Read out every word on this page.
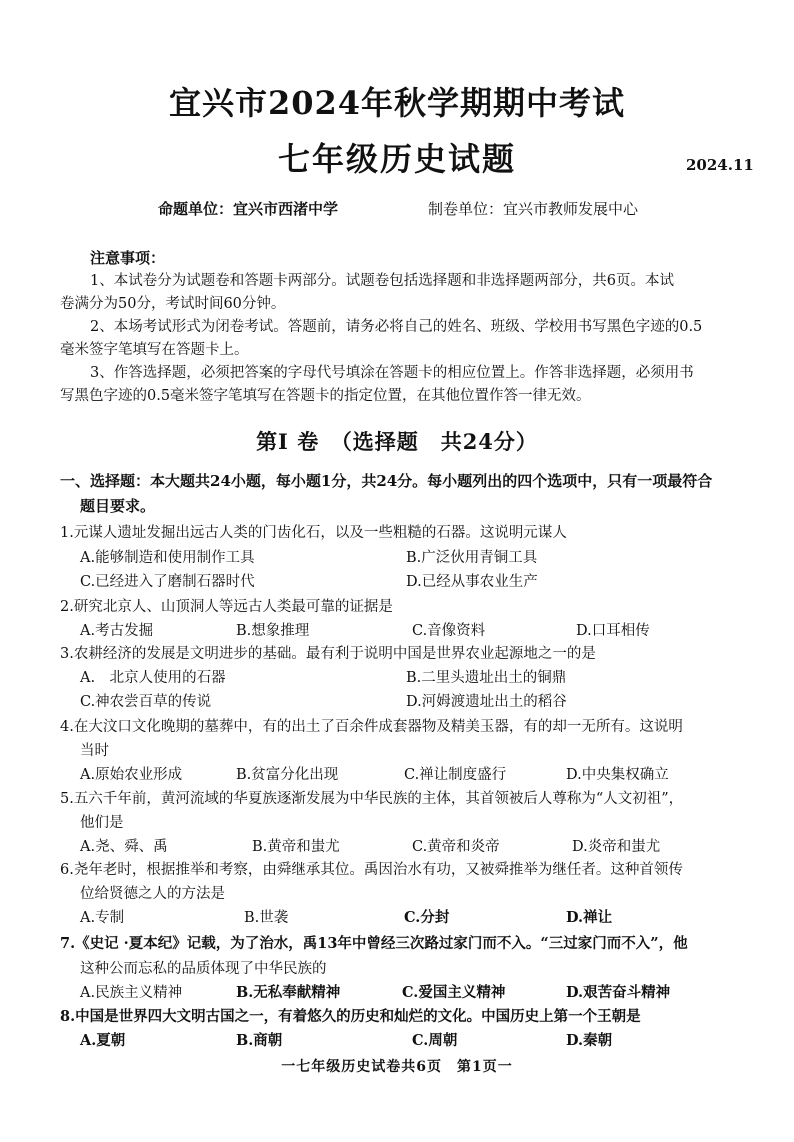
宜兴市2024年秋学期期中考试
七年级历史试题	2024.11
命题单位：宜兴市西渚中学	制卷单位：宜兴市教师发展中心
注意事项：
1、本试卷分为试题卷和答题卡两部分。试题卷包括选择题和非选择题两部分，共6页。本试
卷满分为50分，考试时间60分钟。
2、本场考试形式为闭卷考试。答题前，请务必将自己的姓名、班级、学校用书写黑色字迹的0.5
毫米签字笔填写在答题卡上。
3、作答选择题，必须把答案的字母代号填涂在答题卡的相应位置上。作答非选择题，必须用书
写黑色字迹的0.5毫米签字笔填写在答题卡的指定位置，在其他位置作答一律无效。
第I 卷　（选择题　共24分）
一、选择题：本大题共24小题，每小题1分，共24分。每小题列出的四个选项中，只有一项最符合
题目要求。
1.元谋人遗址发掘出远古人类的门齿化石，以及一些粗糙的石器。这说明元谋人
A.能够制造和使用制作工具	B.广泛伙用青铜工具
C.已经进入了磨制石器时代	D.已经从事农业生产
2.研究北京人、山顶洞人等远古人类最可靠的证据是
A.考古发掘	B.想象推理	C.音像资料	D.口耳相传
3.农耕经济的发展是文明进步的基础。最有利于说明中国是世界农业起源地之一的是
A.　北京人使用的石器	B.二里头遗址出土的铜鼎
C.神农尝百草的传说	D.河姆渡遗址出土的稻谷
4.在大汶口文化晚期的墓葬中，有的出土了百余件成套器物及精美玉器，有的却一无所有。这说明
当时
A.原始农业形成	B.贫富分化出现	C.禅让制度盛行	D.中央集权确立
5.五六千年前，黄河流域的华夏族逐渐发展为中华民族的主体，其首领被后人尊称为“人文初祖”，
他们是
A.尧、舜、禹	B.黄帝和蚩尤	C.黄帝和炎帝	D.炎帝和蚩尤
6.尧年老时，根据推举和考察，由舜继承其位。禹因治水有功，又被舜推举为继任者。这种首领传
位给贤德之人的方法是
A.专制	B.世袭	C.分封	D.禅让
7.《史记 ·夏本纪》记载，为了治水，禹13年中曾经三次路过家门而不入。“三过家门而不入”，他
这种公而忘私的品质体现了中华民族的
A.民族主义精神	B.无私奉献精神	C.爱国主义精神	D.艰苦奋斗精神
8.中国是世界四大文明古国之一，有着悠久的历史和灿烂的文化。中国历史上第一个王朝是
A.夏朝	B.商朝	C.周朝	D.秦朝
一七年级历史试卷共6页　第1页一
